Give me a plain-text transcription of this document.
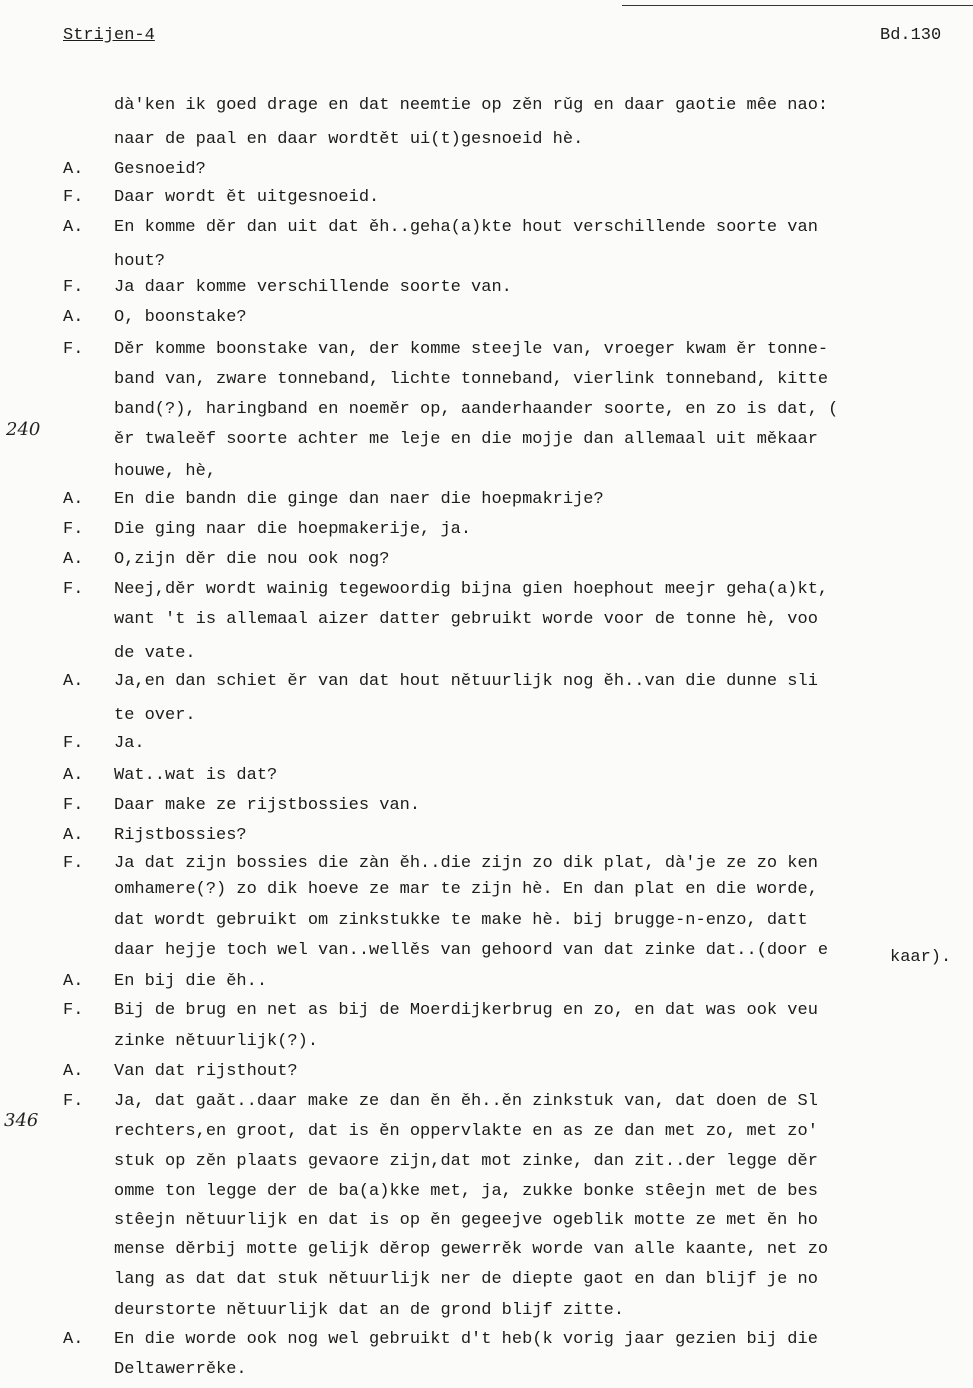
Strijen-4	Bd.130
240
346
kaar).
dà'ken ik goed drage en dat neemtie op zěn rǔg en daar gaotie mêe nao:
naar de paal en daar wordtět ui(t)gesnoeid hè.
A. Gesnoeid?
F. Daar wordt ět uitgesnoeid.
A. En komme děr dan uit dat ěh..geha(a)kte hout verschillende soorte van
hout?
F. Ja daar komme verschillende soorte van.
A. O, boonstake?
F. Děr komme boonstake van, der komme steejle van, vroeger kwam ěr tonne-
band van, zware tonneband, lichte tonneband, vierlink tonneband, kitte
band(?), haringband en noeměr op, aanderhaander soorte, en zo is dat, (
ěr twaleěf soorte achter me leje en die mojje dan allemaal uit měkaar
houwe, hè,
A. En die bandn die ginge dan naer die hoepmakrije?
F. Die ging naar die hoepmakerije, ja.
A. O,zijn děr die nou ook nog?
F. Neej,děr wordt wainig tegewoordig bijna gien hoephout meejr geha(a)kt,
want 't is allemaal aizer datter gebruikt worde voor de tonne hè, voo
de vate.
A. Ja,en dan schiet ěr van dat hout nětuurlijk nog ěh..van die dunne sli
te over.
F. Ja.
A. Wat..wat is dat?
F. Daar make ze rijstbossies van.
A. Rijstbossies?
F. Ja dat zijn bossies die zàn ěh..die zijn zo dik plat, dà'je ze zo ken
omhamere(?) zo dik hoeve ze mar te zijn hè. En dan plat en die worde,
dat wordt gebruikt om zinkstukke te make hè. bij brugge-n-enzo, datt
daar hejje toch wel van..wellěs van gehoord van dat zinke dat..(door e
A. En bij die ěh..
F. Bij de brug en net as bij de Moerdijkerbrug en zo, en dat was ook veu
zinke nětuurlijk(?).
A. Van dat rijsthout?
F. Ja, dat gaǎt..daar make ze dan ěn ěh..ěn zinkstuk van, dat doen de Sl
rechters,en groot, dat is ěn oppervlakte en as ze dan met zo, met zo'
stuk op zěn plaats gevaore zijn,dat mot zinke, dan zit..der legge děr
omme ton legge der de ba(a)kke met, ja, zukke bonke stêejn met de bes
stêejn nětuurlijk en dat is op ěn gegeejve ogeblik motte ze met ěn ho
mense děrbij motte gelijk děrop gewerrěk worde van alle kaante, net zo
lang as dat dat stuk nětuurlijk ner de diepte gaot en dan blijf je no
deurstorte nětuurlijk dat an de grond blijf zitte.
A. En die worde ook nog wel gebruikt d't heb(k vorig jaar gezien bij die
Deltawerrěke.
